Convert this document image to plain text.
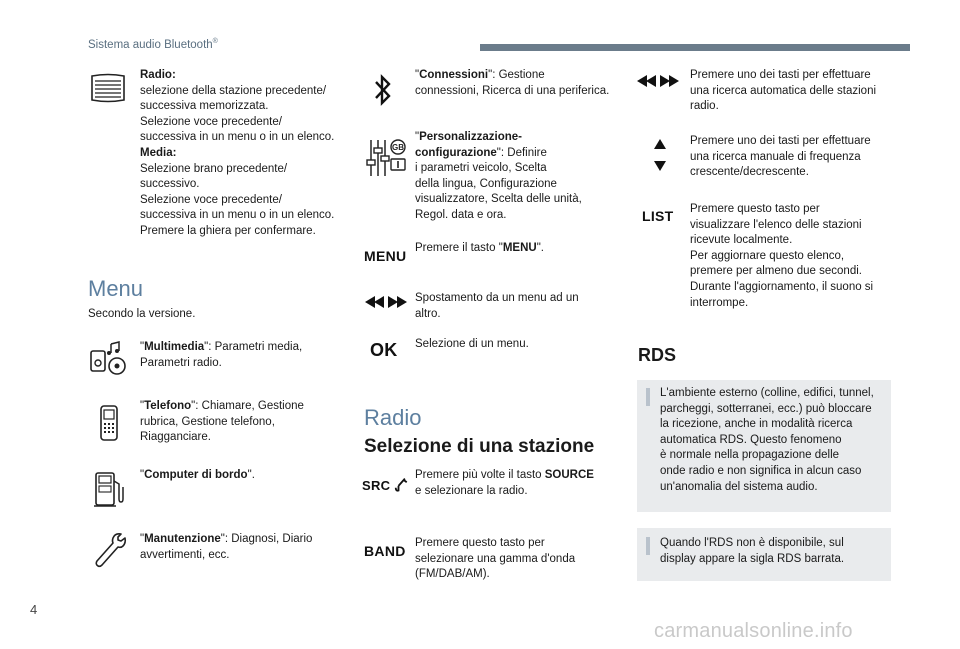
Sistema audio Bluetooth®
Radio:
selezione della stazione precedente/
successiva memorizzata.
Selezione voce precedente/
successiva in un menu o in un elenco.
Media:
Selezione brano precedente/
successivo.
Selezione voce precedente/
successiva in un menu o in un elenco.
Premere la ghiera per confermare.
Menu
Secondo la versione.
"Multimedia": Parametri media,
Parametri radio.
"Telefono": Chiamare, Gestione
rubrica, Gestione telefono,
Riagganciare.
"Computer di bordo".
"Manutenzione": Diagnosi, Diario
avvertimenti, ecc.
"Connessioni": Gestione
connessioni, Ricerca di una periferica.
GB
"Personalizzazione-
configurazione": Definire
i parametri veicolo, Scelta
della lingua, Configurazione
visualizzatore, Scelta delle unità,
Regol. data e ora.
MENU Premere il tasto "MENU".
Spostamento da un menu ad un
altro.
OK Selezione di un menu.
Radio
Selezione di una stazione
SRC
Premere più volte il tasto SOURCE
e selezionare la radio.
BAND Premere questo tasto per
selezionare una gamma d'onda
(FM/DAB/AM).
Premere uno dei tasti per effettuare
una ricerca automatica delle stazioni
radio.
Premere uno dei tasti per effettuare
una ricerca manuale di frequenza
crescente/decrescente.
LIST Premere questo tasto per
visualizzare l'elenco delle stazioni
ricevute localmente.
Per aggiornare questo elenco,
premere per almeno due secondi.
Durante l'aggiornamento, il suono si
interrompe.
RDS
L'ambiente esterno (colline, edifici, tunnel,
parcheggi, sotterranei, ecc.) può bloccare
la ricezione, anche in modalità ricerca
automatica RDS. Questo fenomeno
è normale nella propagazione delle
onde radio e non significa in alcun caso
un'anomalia del sistema audio.
Quando l'RDS non è disponibile, sul
display appare la sigla RDS barrata.
4
carmanualsonline.info
